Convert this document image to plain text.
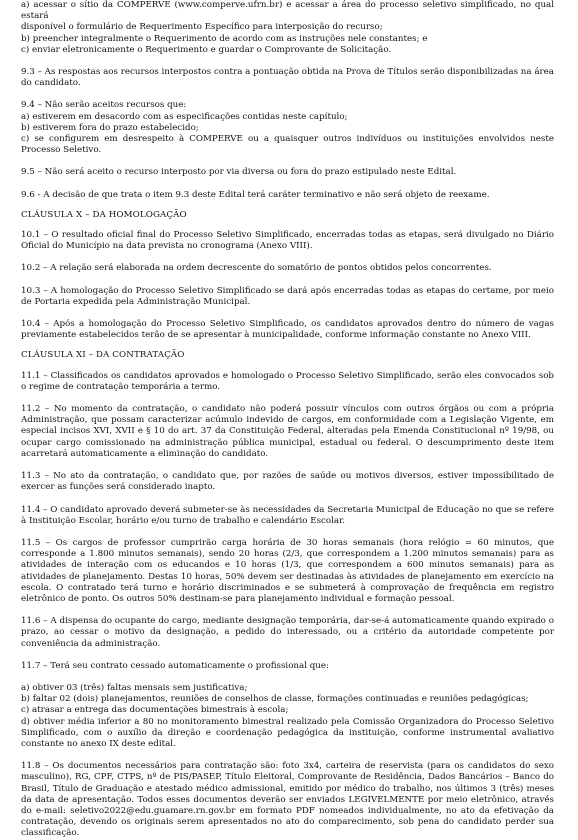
a) acessar o sítio da COMPERVE (www.comperve.ufrn.br) e acessar a área do processo seletivo simplificado, no qual estará

disponível o formulário de Requerimento Específico para interposição do recurso;

b) preencher integralmente o Requerimento de acordo com as instruções nele constantes; e

c) enviar eletronicamente o Requerimento e guardar o Comprovante de Solicitação.

9.3 – As respostas aos recursos interpostos contra a pontuação obtida na Prova de Títulos serão disponibilizadas na área do candidato.

9.4 – Não serão aceitos recursos que:

a) estiverem em desacordo com as especificações contidas neste capítulo;

b) estiverem fora do prazo estabelecido;

c) se configurem em desrespeito à COMPERVE ou a quaisquer outros indivíduos ou instituições envolvidos neste Processo Seletivo.

9.5 – Não será aceito o recurso interposto por via diversa ou fora do prazo estipulado neste Edital.

9.6 - A decisão de que trata o item 9.3 deste Edital terá caráter terminativo e não será objeto de reexame.

CLÁUSULA X – DA HOMOLOGAÇÃO

10.1 – O resultado oficial final do Processo Seletivo Simplificado, encerradas todas as etapas, será divulgado no Diário Oficial do Município na data prevista no cronograma (Anexo VIII).

10.2 – A relação será elaborada na ordem decrescente do somatório de pontos obtidos pelos concorrentes.

10.3 – A homologação do Processo Seletivo Simplificado se dará após encerradas todas as etapas do certame, por meio de Portaria expedida pela Administração Municipal.

10.4 – Após a homologação do Processo Seletivo Simplificado, os candidatos aprovados dentro do número de vagas previamente estabelecidos terão de se apresentar à municipalidade, conforme informação constante no Anexo VIII.

CLÁUSULA XI – DA CONTRATAÇÃO

11.1 – Classificados os candidatos aprovados e homologado o Processo Seletivo Simplificado, serão eles convocados sob o regime de contratação temporária a termo.

11.2 – No momento da contratação, o candidato não poderá possuir vínculos com outros órgãos ou com a própria Administração, que possam caracterizar acúmulo indevido de cargos, em conformidade com a Legislação Vigente, em especial incisos XVI, XVII e § 10 do art. 37 da Constituição Federal, alteradas pela Emenda Constitucional nº 19/98, ou ocupar cargo comissionado na administração pública municipal, estadual ou federal. O descumprimento deste item acarretará automaticamente a eliminação do candidato.

11.3 – No ato da contratação, o candidato que, por razões de saúde ou motivos diversos, estiver impossibilitado de exercer as funções será considerado inapto.

11.4 – O candidato aprovado deverá submeter-se às necessidades da Secretaria Municipal de Educação no que se refere à Instituição Escolar, horário e/ou turno de trabalho e calendário Escolar.

11.5 – Os cargos de professor cumprirão carga horária de 30 horas semanais (hora relógio = 60 minutos, que corresponde a 1.800 minutos semanais), sendo 20 horas (2/3, que correspondem a 1.200 minutos semanais) para as atividades de interação com os educandos e 10 horas (1/3, que correspondem a 600 minutos semanais) para as atividades de planejamento. Destas 10 horas, 50% devem ser destinadas às atividades de planejamento em exercício na escola. O contratado terá turno e horário discriminados e se submeterá à comprovação de frequência em registro eletrônico de ponto. Os outros 50% destinam-se para planejamento individual e formação pessoal.

11.6 – A dispensa do ocupante do cargo, mediante designação temporária, dar-se-á automaticamente quando expirado o prazo, ao cessar o motivo da designação, a pedido do interessado, ou a critério da autoridade competente por conveniência da administração.

11.7 – Terá seu contrato cessado automaticamente o profissional que:

a) obtiver 03 (três) faltas mensais sem justificativa;

b) faltar 02 (dois) planejamentos, reuniões de conselhos de classe, formações continuadas e reuniões pedagógicas;

c) atrasar a entrega das documentações bimestrais à escola;

d) obtiver média inferior a 80 no monitoramento bimestral realizado pela Comissão Organizadora do Processo Seletivo Simplificado, com o auxílio da direção e coordenação pedagógica da instituição, conforme instrumental avaliativo constante no anexo IX deste edital.

11.8 – Os documentos necessários para contratação são: foto 3x4, carteira de reservista (para os candidatos do sexo masculino), RG, CPF, CTPS, nº de PIS/PASEP, Título Eleitoral, Comprovante de Residência, Dados Bancários – Banco do Brasil, Título de Graduação e atestado médico admissional, emitido por médico do trabalho, nos últimos 3 (três) meses da data de apresentação. Todos esses documentos deverão ser enviados LEGIVELMENTE por meio eletrônico, através do e-mail: seletivo2022@edu.guamare.rn.gov.br em formato PDF nomeados individualmente, no ato da efetivação da contratação, devendo os originais serem apresentados no ato do comparecimento, sob pena do candidato perder sua classificação.
